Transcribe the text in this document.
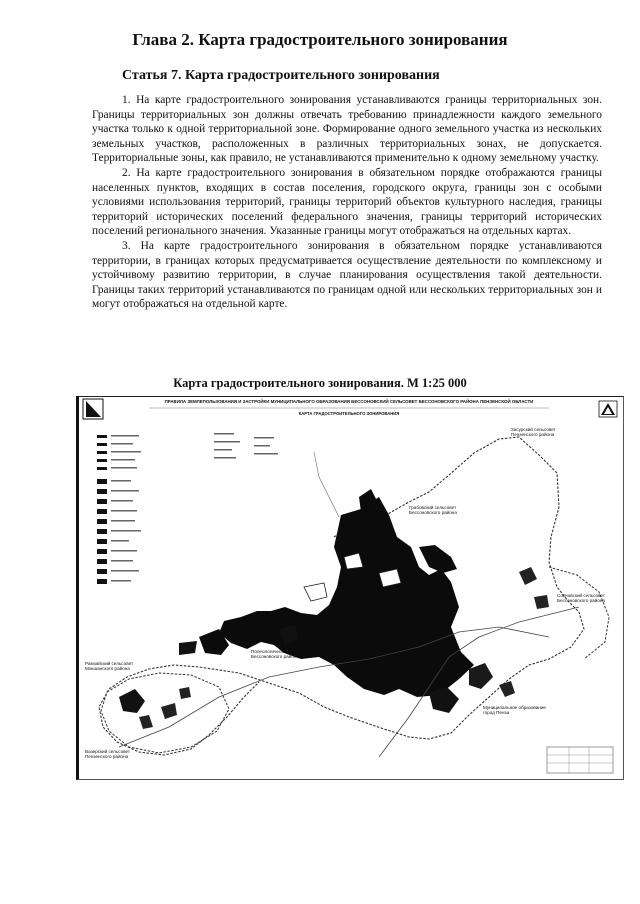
Глава 2. Карта градостроительного зонирования
Статья 7. Карта градостроительного зонирования

1. На карте градостроительного зонирования устанавливаются границы территориальных зон. Границы территориальных зон должны отвечать требованию принадлежности каждого земельного участка только к одной территориальной зоне. Формирование одного земельного участка из нескольких земельных участков, расположенных в различных территориальных зонах, не допускается. Территориальные зоны, как правило, не устанавливаются применительно к одному земельному участку.

2. На карте градостроительного зонирования в обязательном порядке отображаются границы населенных пунктов, входящих в состав поселения, городского округа, границы зон с особыми условиями использования территорий, границы территорий объектов культурного наследия, границы территорий исторических поселений федерального значения, границы территорий исторических поселений регионального значения. Указанные границы могут отображаться на отдельных картах.

3. На карте градостроительного зонирования в обязательном порядке устанавливаются территории, в границах которых предусматривается осуществление деятельности по комплексному и устойчивому развитию территории, в случае планирования осуществления такой деятельности. Границы таких территорий устанавливаются по границам одной или нескольких территориальных зон и могут отображаться на отдельной карте.

Карта градостроительного зонирования. М 1:25 000

ПРАВИЛА ЗЕМЛЕПОЛЬЗОВАНИЯ И ЗАСТРОЙКИ МУНИЦИПАЛЬНОГО ОБРАЗОВАНИЯ БЕССОНОВСКИЙ СЕЛЬСОВЕТ БЕССОНОВСКОГО РАЙОНА ПЕНЗЕНСКОЙ ОБЛАСТИ
КАРТА ГРАДОСТРОИТЕЛЬНОГО ЗОНИРОВАНИЯ
Засурский сельсовет Пензенского района
Грабовский сельсовет Бессоновского района
Полеологический сельсовет Бессоновского района
Сосновский сельсовет Бессоновского района
Рамзайский сельсовет Мокшанского района
Вазерский сельсовет Пензенского района
Муниципальное образование город Пенза
